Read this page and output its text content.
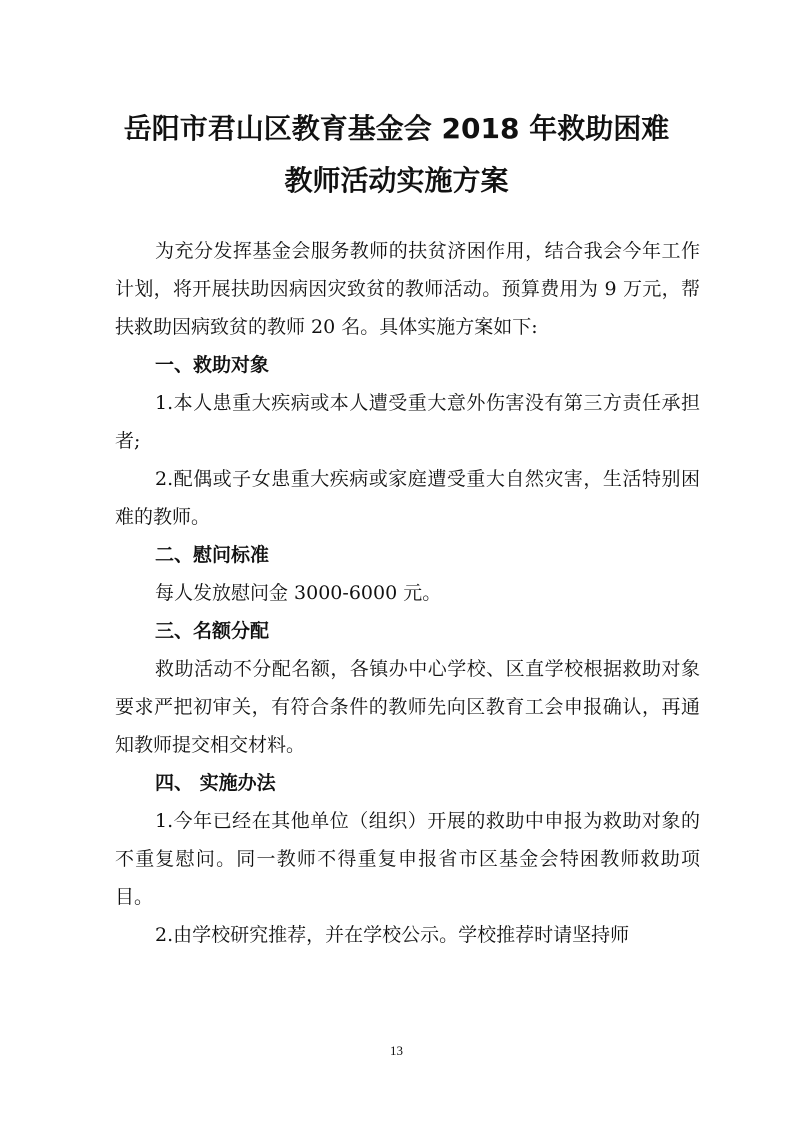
岳阳市君山区教育基金会 2018 年救助困难
教师活动实施方案

为充分发挥基金会服务教师的扶贫济困作用，结合我会今年工作计划，将开展扶助因病因灾致贫的教师活动。预算费用为 9 万元，帮扶救助因病致贫的教师 20 名。具体实施方案如下:

一、救助对象

1.本人患重大疾病或本人遭受重大意外伤害没有第三方责任承担者;

2.配偶或子女患重大疾病或家庭遭受重大自然灾害，生活特别困难的教师。

二、慰问标准

每人发放慰问金 3000-6000 元。

三、名额分配

救助活动不分配名额，各镇办中心学校、区直学校根据救助对象要求严把初审关，有符合条件的教师先向区教育工会申报确认，再通知教师提交相交材料。

四、 实施办法

1.今年已经在其他单位（组织）开展的救助中申报为救助对象的不重复慰问。同一教师不得重复申报省市区基金会特困教师救助项目。

2.由学校研究推荐，并在学校公示。学校推荐时请坚持师

13
